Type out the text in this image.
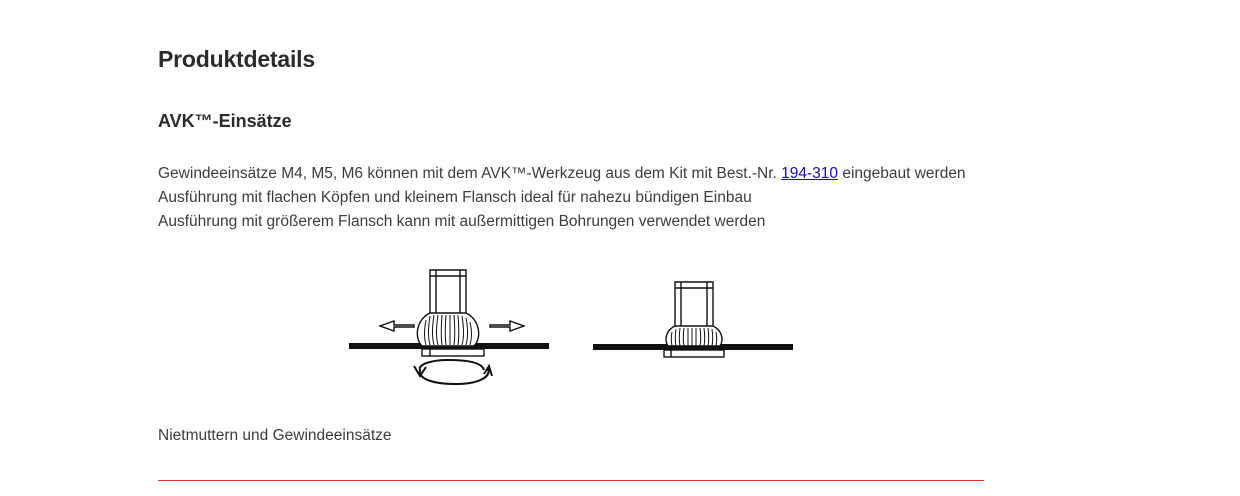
Produktdetails
AVK™-Einsätze
Gewindeeinsätze M4, M5, M6 können mit dem AVK™-Werkzeug aus dem Kit mit Best.-Nr. 194-310 eingebaut werden
Ausführung mit flachen Köpfen und kleinem Flansch ideal für nahezu bündigen Einbau
Ausführung mit größerem Flansch kann mit außermittigen Bohrungen verwendet werden
Nietmuttern und Gewindeeinsätze
